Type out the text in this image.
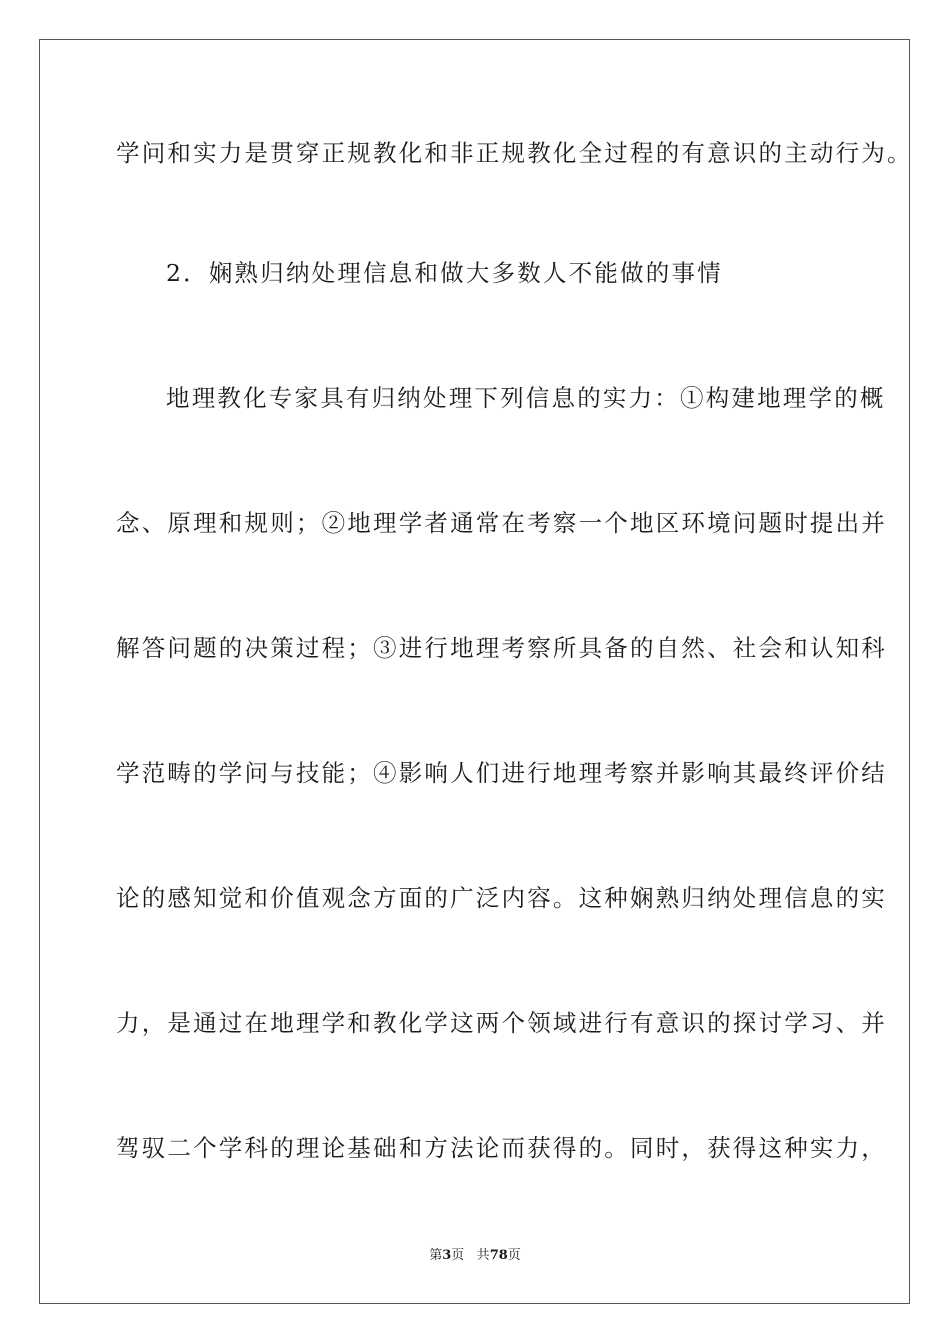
学问和实力是贯穿正规教化和非正规教化全过程的有意识的主动行为。
2．娴熟归纳处理信息和做大多数人不能做的事情
地理教化专家具有归纳处理下列信息的实力：①构建地理学的概
念、原理和规则；②地理学者通常在考察一个地区环境问题时提出并
解答问题的决策过程；③进行地理考察所具备的自然、社会和认知科
学范畴的学问与技能；④影响人们进行地理考察并影响其最终评价结
论的感知觉和价值观念方面的广泛内容。这种娴熟归纳处理信息的实
力，是通过在地理学和教化学这两个领域进行有意识的探讨学习、并
驾驭二个学科的理论基础和方法论而获得的。同时，获得这种实力，
第3页 共78页
